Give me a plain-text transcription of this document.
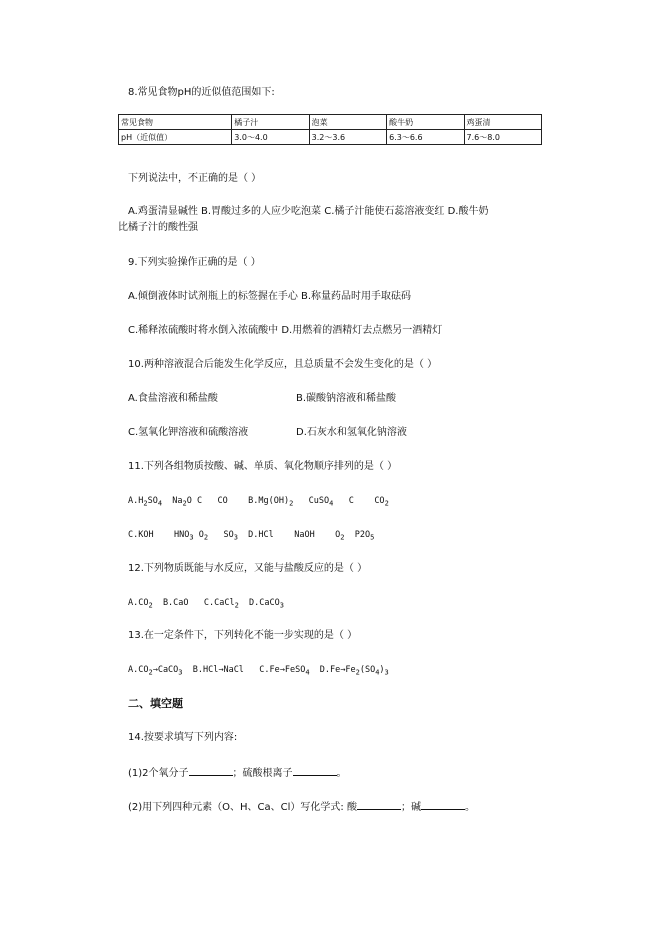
8.常见食物pH的近似值范围如下:
常见食物	橘子汁	泡菜	酸牛奶	鸡蛋清
pH（近似值）	3.0～4.0	3.2～3.6	6.3～6.6	7.6～8.0
下列说法中，不正确的是（ ）
A.鸡蛋清显碱性 B.胃酸过多的人应少吃泡菜 C.橘子汁能使石蕊溶液变红 D.酸牛奶
比橘子汁的酸性强
9.下列实验操作正确的是（ ）
A.倾倒液体时试剂瓶上的标签握在手心 B.称量药品时用手取砝码
C.稀释浓硫酸时将水倒入浓硫酸中 D.用燃着的酒精灯去点燃另一酒精灯
10.两种溶液混合后能发生化学反应，且总质量不会发生变化的是（ ）
A.食盐溶液和稀盐酸	B.碳酸钠溶液和稀盐酸
C.氢氧化钾溶液和硫酸溶液	D.石灰水和氢氧化钠溶液
11.下列各组物质按酸、碱、单质、氧化物顺序排列的是（ ）
$A.H_2SO_4$  $Na_2O$ C   CO    $B.Mg(OH)_2$   CuSO$_4$   C    $CO_2$
C.KOH    $HNO_3$ $O_2$   $SO_3$  D.HCl    NaOH    $O_2$  $P2O_5$
12.下列物质既能与水反应，又能与盐酸反应的是（ ）
$A.CO_2$  B.CaO   C.CaCl$_2$  D.CaCO$_3$
13.在一定条件下，下列转化不能一步实现的是（ ）
$A.CO_2\to CaCO_3$  B.HCl→NaCl   C.Fe→FeSO$_4$  $D.Fe\to Fe_2(SO_4)_3$
二、填空题
14.按要求填写下列内容:
(1)2个氧分子	；硫酸根离子	。
(2)用下列四种元素（O、H、Ca、Cl）写化学式: 酸	；碱	。
